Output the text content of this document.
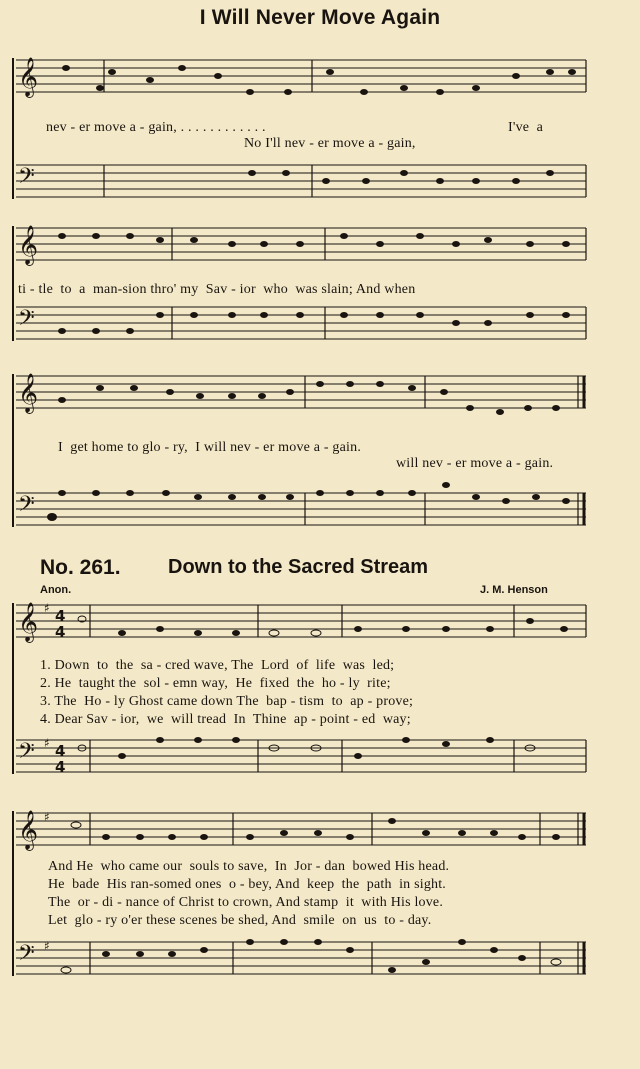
I Will Never Move Again
𝄞
𝄢
𝄞
𝄢
𝄞
𝄢
𝄞
𝄢
𝄞
𝄢
♯
♯
♯
♯
4
4
4
4
nev - er move a - gain, . . . . . . . . . . . .
No I'll nev - er move a - gain,
I've  a
ti - tle  to  a  man-sion thro' my  Sav - ior  who  was slain; And when
I  get home to glo - ry,  I will nev - er move a - gain.
will nev - er move a - gain.
No. 261. Down to the Sacred Stream
Anon.	J. M. Henson
1. Down  to  the  sa - cred wave, The  Lord  of  life  was  led;
2. He  taught the  sol - emn way,  He  fixed  the  ho - ly  rite;
3. The  Ho - ly Ghost came down The  bap - tism  to  ap - prove;
4. Dear Sav - ior,  we  will tread  In  Thine  ap - point - ed  way;
And He  who came our  souls to save,  In  Jor - dan  bowed His head.
He  bade  His ran-somed ones  o - bey, And  keep  the  path  in sight.
The  or - di - nance of Christ to crown, And stamp  it  with His love.
Let  glo - ry o'er these scenes be shed, And  smile  on  us  to - day.
